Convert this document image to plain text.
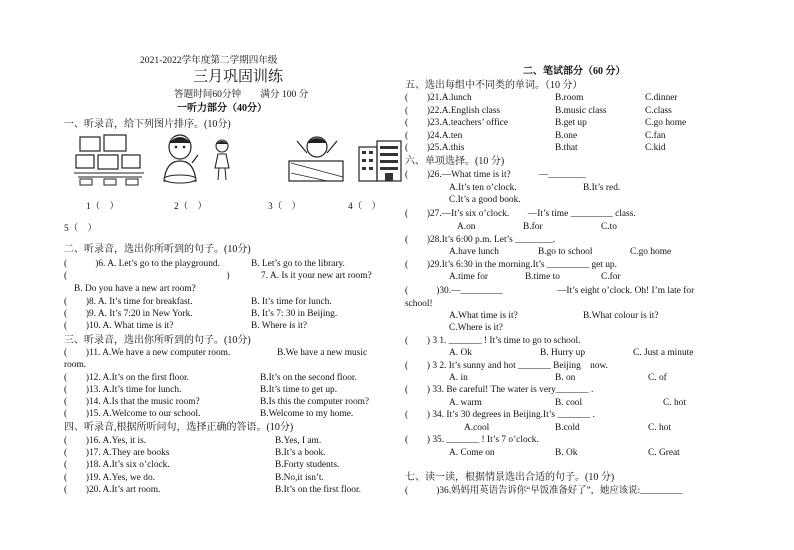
2021-2022学年度第二学期四年级
三月巩固训练
答题时间60分钟　　满分 100 分
一听力部分（40分）
二、笔试部分（60 分）
一、听录音，给下列图片排序。(10分)
1（　）	2（　）	3（　）	4（　）
5（　）
二、听录音，选出你所听到的句子。(10分)
(　　　)6. A. Let’s go to the playground.	B. Let’s go to the library.
(　　　　　　　　　　　　　　　　　)	7. A. Is it your new art room?
B. Do you have a new art room?
(　　)8. A. It’s time for breakfast.	B. It’s time for lunch.
(　　)9. A. It’s 7:20 in New York.	B. It’s 7: 30 in Beijing.
(　　)10. A. What time is it?	B. Where is it?
三、听录音，选出你所听到的句子。(10分)
(　　)11. A.We have a new computer room.	B.We have a new music
room.
(　　)12. A.It’s on the first floor.	B.It’s on the second floor.
(　　)13. A.It’s time for lunch.	B.It’s time to get up.
(　　)14. A.Is that the music room?	B.Is this the computer room?
(　　)15. A.Welcome to our school.	B.Welcome to my home.
四、听录音,根据所听问句，选择正确的答语。(10分)
(　　)16. A.Yes, it is.	B.Yes, I am.
(　　)17. A.They are books	B.It’s a book.
(　　)18. A.It’s six o’clock.	B.Forty students.
(　　)19. A.Yes, we do.	B.No,it isn’t.
(　　)20. A.It’s art room.	B.It’s on the first floor.
五、选出每组中不同类的单词。（10 分）
(　　)21.A.lunch	B.room	C.dinner
(　　)22.A.English class	B.music class	C.class
(　　)23.A.teachers’ office	B.get up	C.go home
(　　)24.A.ten	B.one	C.fan
(　　)25.A.this	B.that	C.kid
六、单项选择。(10 分)
(　　)26.—What time is it?　　　—________
A.It’s ten o’clock.	B.It’s red.
C.It’s a good book.
(　　)27.—It’s six o’clock.　　—It’s time _________ class.
A.on	B.for	C.to
(　　)28.It’s 6:00 p.m. Let’s ________.
A.have lunch	B.go to school	C.go home
(　　)29.It’s 6:30 in the morning.It’s _________ get up.
A.time for	B.time to	C.for
(　　　)30.—_________	—It’s eight o’clock. Oh! I’m late for
school!
A.What time is it?	B.What colour is it?
C.Where is it?
(　　) 3 1. _______ ! It’s time to go to school.
A. Ok	B. Hurry up	C. Just a minute
(　　) 3 2. It’s sunny and hot _______ Beijing　now.
A. in	B. on	C. of
(　　) 33. Be careful! The water is very_______ .
A. warm	B. cool	C. hot
(　　) 34. It’s 30 degrees in Beijing.It’s _______ .
A.cool	B.cold	C. hot
(　　) 35. _______ ! It’s 7 o’clock.
A. Come on	B. Ok	C. Great
七、读一读，根据情景选出合适的句子。(10 分)
(　　　)36.妈妈用英语告诉你“早饭准备好了”，她应该说:_________
